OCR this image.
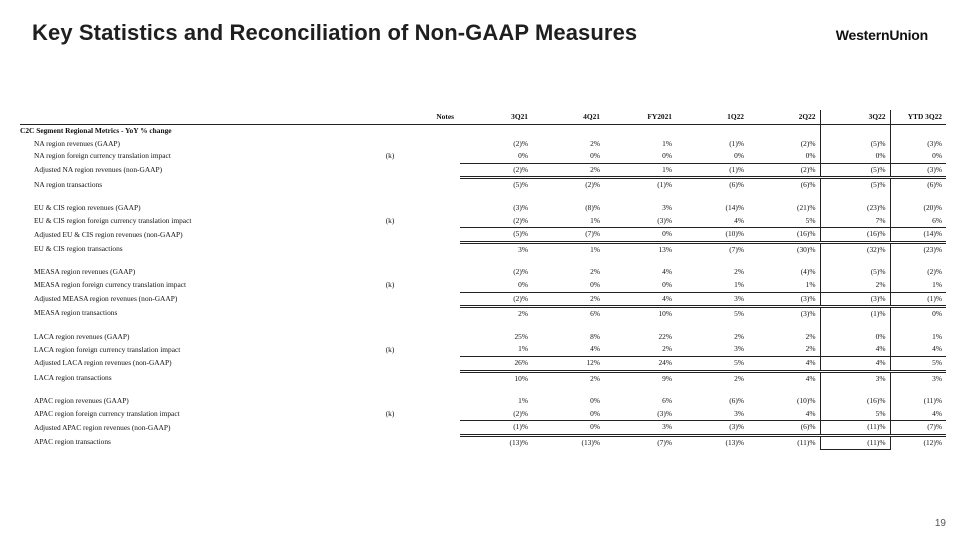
Key Statistics and Reconciliation of Non-GAAP Measures	WesternUnion
	Notes	3Q21	4Q21	FY2021	1Q22	2Q22	3Q22	YTD 3Q22
C2C Segment Regional Metrics - YoY % change								
NA region revenues (GAAP)		(2)%	2%	1%	(1)%	(2)%	(5)%	(3)%
NA region foreign currency translation impact	(k)	0%	0%	0%	0%	0%	0%	0%
Adjusted NA region revenues (non-GAAP)		(2)%	2%	1%	(1)%	(2)%	(5)%	(3)%
NA region transactions		(5)%	(2)%	(1)%	(6)%	(6)%	(5)%	(6)%

EU & CIS region revenues (GAAP)		(3)%	(8)%	3%	(14)%	(21)%	(23)%	(20)%
EU & CIS region foreign currency translation impact	(k)	(2)%	1%	(3)%	4%	5%	7%	6%
Adjusted EU & CIS region revenues (non-GAAP)		(5)%	(7)%	0%	(10)%	(16)%	(16)%	(14)%
EU & CIS region transactions		3%	1%	13%	(7)%	(30)%	(32)%	(23)%

MEASA region revenues (GAAP)		(2)%	2%	4%	2%	(4)%	(5)%	(2)%
MEASA region foreign currency translation impact	(k)	0%	0%	0%	1%	1%	2%	1%
Adjusted MEASA region revenues (non-GAAP)		(2)%	2%	4%	3%	(3)%	(3)%	(1)%
MEASA region transactions		2%	6%	10%	5%	(3)%	(1)%	0%

LACA region revenues (GAAP)		25%	8%	22%	2%	2%	0%	1%
LACA region foreign currency translation impact	(k)	1%	4%	2%	3%	2%	4%	4%
Adjusted LACA region revenues (non-GAAP)		26%	12%	24%	5%	4%	4%	5%
LACA region transactions		10%	2%	9%	2%	4%	3%	3%

APAC region revenues (GAAP)		1%	0%	6%	(6)%	(10)%	(16)%	(11)%
APAC region foreign currency translation impact	(k)	(2)%	0%	(3)%	3%	4%	5%	4%
Adjusted APAC region revenues (non-GAAP)		(1)%	0%	3%	(3)%	(6)%	(11)%	(7)%
APAC region transactions		(13)%	(13)%	(7)%	(13)%	(11)%	(11)%	(12)%
19
